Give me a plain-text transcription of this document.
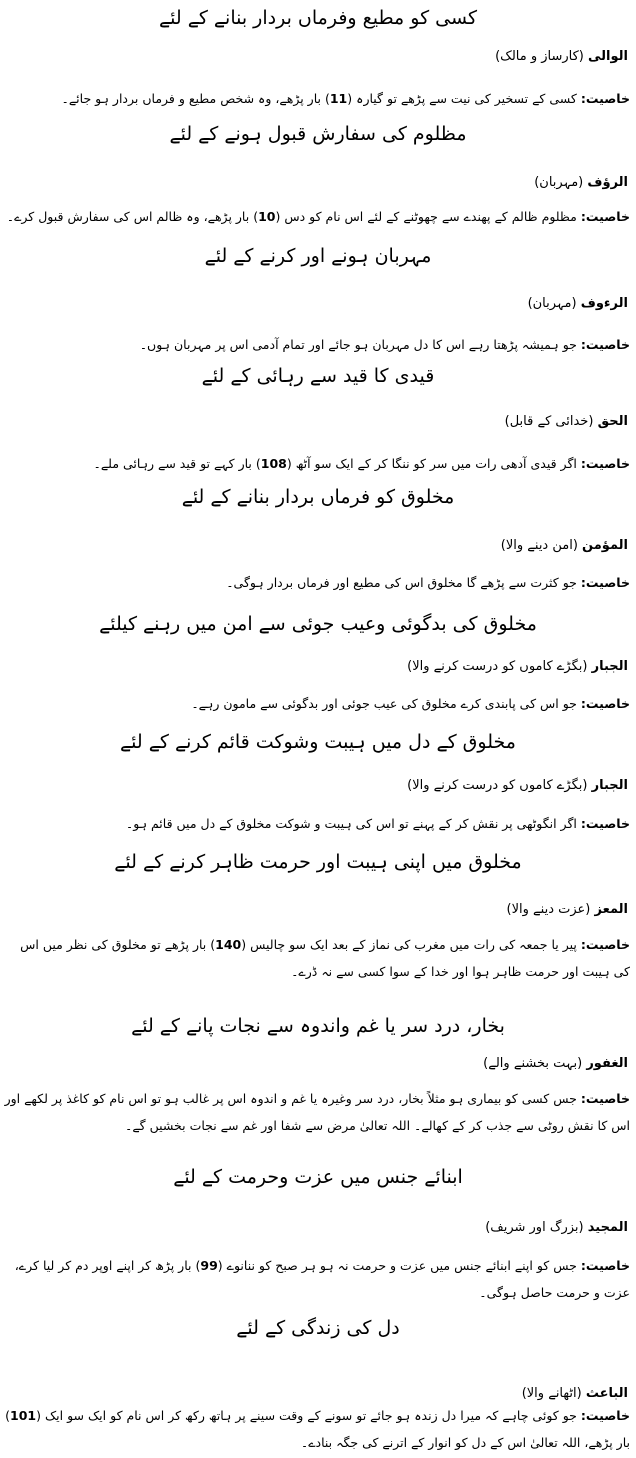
کسی کو مطیع وفرماں بردار بنانے کے لئے
الوالی (کارساز و مالک)
خاصیت: کسی کے تسخیر کی نیت سے پڑھے تو گیارہ (11) بار پڑھے، وہ شخص مطیع و فرماں بردار ہو جائے۔
مظلوم کی سفارش قبول ہونے کے لئے
الرؤف (مہربان)
خاصیت: مظلوم ظالم کے پھندے سے چھوٹنے کے لئے اس نام کو دس (10) بار پڑھے، وہ ظالم اس کی سفارش قبول کرے۔
مہربان ہونے اور کرنے کے لئے
الرءوف (مہربان)
خاصیت: جو ہمیشہ پڑھتا رہے اس کا دل مہربان ہو جائے اور تمام آدمی اس پر مہربان ہوں۔
قیدی کا قید سے رہائی کے لئے
الحق (خدائی کے قابل)
خاصیت: اگر قیدی آدھی رات میں سر کو ننگا کر کے ایک سو آٹھ (108) بار کہے تو قید سے رہائی ملے۔
مخلوق کو فرماں بردار بنانے کے لئے
المؤمن (امن دینے والا)
خاصیت: جو کثرت سے پڑھے گا مخلوق اس کی مطیع اور فرماں بردار ہوگی۔
مخلوق کی بدگوئی وعیب جوئی سے امن میں رہنے کیلئے
الجبار (بگڑے کاموں کو درست کرنے والا)
خاصیت: جو اس کی پابندی کرے مخلوق کی عیب جوئی اور بدگوئی سے مامون رہے۔
مخلوق کے دل میں ہیبت وشوکت قائم کرنے کے لئے
الجبار (بگڑے کاموں کو درست کرنے والا)
خاصیت: اگر انگوٹھی پر نقش کر کے پہنے تو اس کی ہیبت و شوکت مخلوق کے دل میں قائم ہو۔
مخلوق میں اپنی ہیبت اور حرمت ظاہر کرنے کے لئے
المعز (عزت دینے والا)
خاصیت: پیر یا جمعہ کی رات میں مغرب کی نماز کے بعد ایک سو چالیس (140) بار پڑھے تو مخلوق کی نظر میں اس کی ہیبت اور حرمت ظاہر ہوا اور خدا کے سوا کسی سے نہ ڈرے۔
بخار، درد سر یا غم واندوہ سے نجات پانے کے لئے
الغفور (بہت بخشنے والے)
خاصیت: جس کسی کو بیماری ہو مثلاً بخار، درد سر وغیرہ یا غم و اندوہ اس پر غالب ہو تو اس نام کو کاغذ پر لکھے اور اس کا نقش روٹی سے جذب کر کے کھالے۔ اللہ تعالیٰ مرض سے شفا اور غم سے نجات بخشیں گے۔
ابنائے جنس میں عزت وحرمت کے لئے
المجید (بزرگ اور شریف)
خاصیت: جس کو اپنے ابنائے جنس میں عزت و حرمت نہ ہو ہر صبح کو ننانوے (99) بار پڑھ کر اپنے اوپر دم کر لیا کرے، عزت و حرمت حاصل ہوگی۔
دل کی زندگی کے لئے
الباعث (اٹھانے والا)
خاصیت: جو کوئی چاہے کہ میرا دل زندہ ہو جائے تو سونے کے وقت سینے پر ہاتھ رکھ کر اس نام کو ایک سو ایک (101) بار پڑھے، اللہ تعالیٰ اس کے دل کو انوار کے اترنے کی جگہ بنادے۔
